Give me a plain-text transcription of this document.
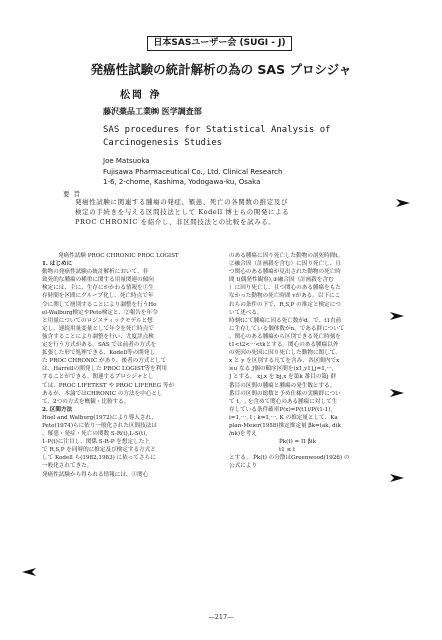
日本SASユーザー会 (SUGI - J)
発癌性試験の統計解析の為の SAS プロシジャ
松岡 浄
藤沢薬品工業㈱ 医学調査部
SAS procedures for Statistical Analysis of
Carcinogenesis Studies
Joe Matsuoka
Fujisawa Pharmaceutical Co., Ltd. Clinical Research
1-6, 2-chome, Kashima, Yodogawa-ku, Osaka
要旨
発癌性試験に関連する腫瘍の発症、罹患、死亡の各関数の推定及び
検定の手続きを与える区間技法として Kodell 博士らの開発による
PROC CHRONIC を紹介し、非区間技法との比較を試みる。
発癌性試験 PROC CHRONIC PROC LOGIST
1. はじめに
動物の発癌性試験の統計解析において、非
致死的な腫瘍の種重に関する用量関連の傾向
検定には、主に、生存にかかわる情報を①生
存時間を区間にグループ化し、死亡時点で年
令に関して層別することにより調整を行うHo
el-Walburg検定やPeto検定と、②報告を年令
と用量についてのロジスティックモデルと想
定し、連続用量変量として年令を死亡時点で
強含することにより調整を行い、尤度評点検
定を行う方式がある。SAS では前者の方式を
拡張した形で処理できる、Kodell等の開発し
た PROC CHRONIC があり、後者の方式として
は、Harrellの開発した PROC LOGIST等を利用
することができる。関連するプロシジャとし
ては、PROC LIFETEST や PROC LIFEREG 等が
あるが、本論ではCHRONIC の方法を中心とし
て、2つの方式を概観・比較する。
2. 区間方法
Hoel and Walburg(1972)により導入され、
Peto(1974)らに依り一般化された区間技法は
、罹患・発症・死亡の関数 S-R(t),L-S(t),
1-P(t)に注目し、関係 S-R-P を想定した上
で R,S,P を同時的に推定及び検定する方式と
して Kodell ら(1982,1983) に依ってさらに
一般化されてきた。
発癌性試験から得られる情報には、①関心
のある腫瘍に因り死亡した動物の剖死時間t。
②融合因（計画殺を含む）に因り死亡し、且
つ関心のある腫瘍が見出された動物の死亡時
間 t(偶発性観察),③融合因（計画殺を含む
）に因り死亡し、且つ関心のある腫瘍をもた
なかった動物の死亡時間 vがある。以下にこ
れらの条件の下で、R,S,P の推定と検定につ
いて述べる。
時刻tにて腫瘍に因る死亡数がd。で、t1直前
に生存している個体数がn。である群について
、関心のある腫瘍から区別できる死亡時刻を
t1<t2<···<tkとする。関心のある腫瘍以外
の死因の死因に因り死亡した動物に関して、
x と y を区別する凡てを含み、各区間内でx
≥u なる J個の順序区間を(x1,y1],j=1,···,
J とする。 xj,x を bj,x を第k 番目の第j 群
番目の区間の腫瘍と腫瘍の発生数とする。
番目の区間の総数と予め仕様の実験群につい
て t。, を含めて関心のある腫瘍に対して生
存している条件確率P(x)=P(t1)/P(t1-1),
i=1,···, I ; k=1,···, K の推定量として、Ka
plan-Meier(1958)推定推定量 β̂k=(ak, dik
/nk)を考え
P̂k(t) = Π β̂ik
t1 ≤ t
とする。 P̂k(t) の分散はGreenwood(1926) の
公式により
—217—
